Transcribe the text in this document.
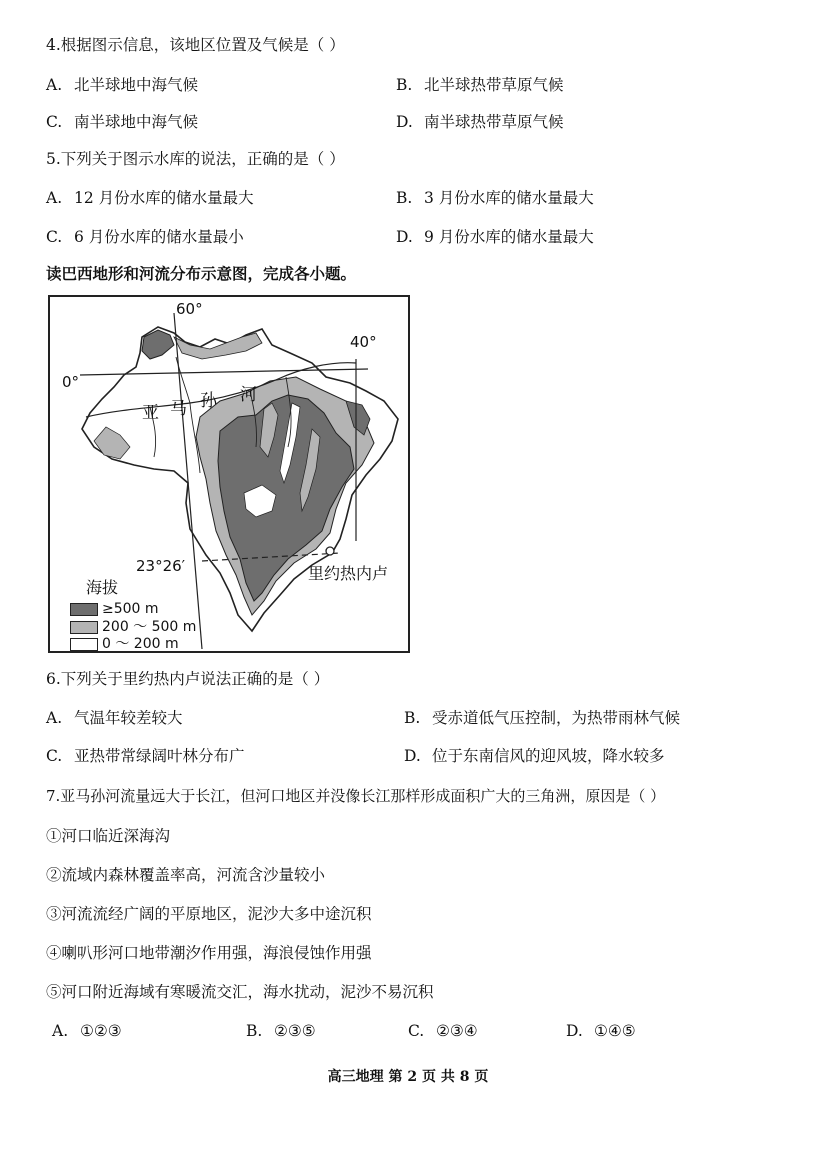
4.根据图示信息，该地区位置及气候是（ ）
A. 北半球地中海气候	B. 北半球热带草原气候
C. 南半球地中海气候	D. 南半球热带草原气候
5.下列关于图示水库的说法，正确的是（ ）
A. 12 月份水库的储水量最大	B. 3 月份水库的储水量最大
C. 6 月份水库的储水量最小	D. 9 月份水库的储水量最大
读巴西地形和河流分布示意图，完成各小题。
60°
40°
0°
23°26′
亚 马 孙 河
里约热内卢
海拔
≥500 m
200 ～ 500 m
0 ～ 200 m
6.下列关于里约热内卢说法正确的是（ ）
A. 气温年较差较大	B. 受赤道低气压控制，为热带雨林气候
C. 亚热带常绿阔叶林分布广	D. 位于东南信风的迎风坡，降水较多
7.亚马孙河流量远大于长江，但河口地区并没像长江那样形成面积广大的三角洲，原因是（ ）
①河口临近深海沟
②流域内森林覆盖率高，河流含沙量较小
③河流流经广阔的平原地区，泥沙大多中途沉积
④喇叭形河口地带潮汐作用强，海浪侵蚀作用强
⑤河口附近海域有寒暖流交汇，海水扰动，泥沙不易沉积
A. ①②③	B. ②③⑤	C. ②③④	D. ①④⑤
高三地理 第 2 页 共 8 页
